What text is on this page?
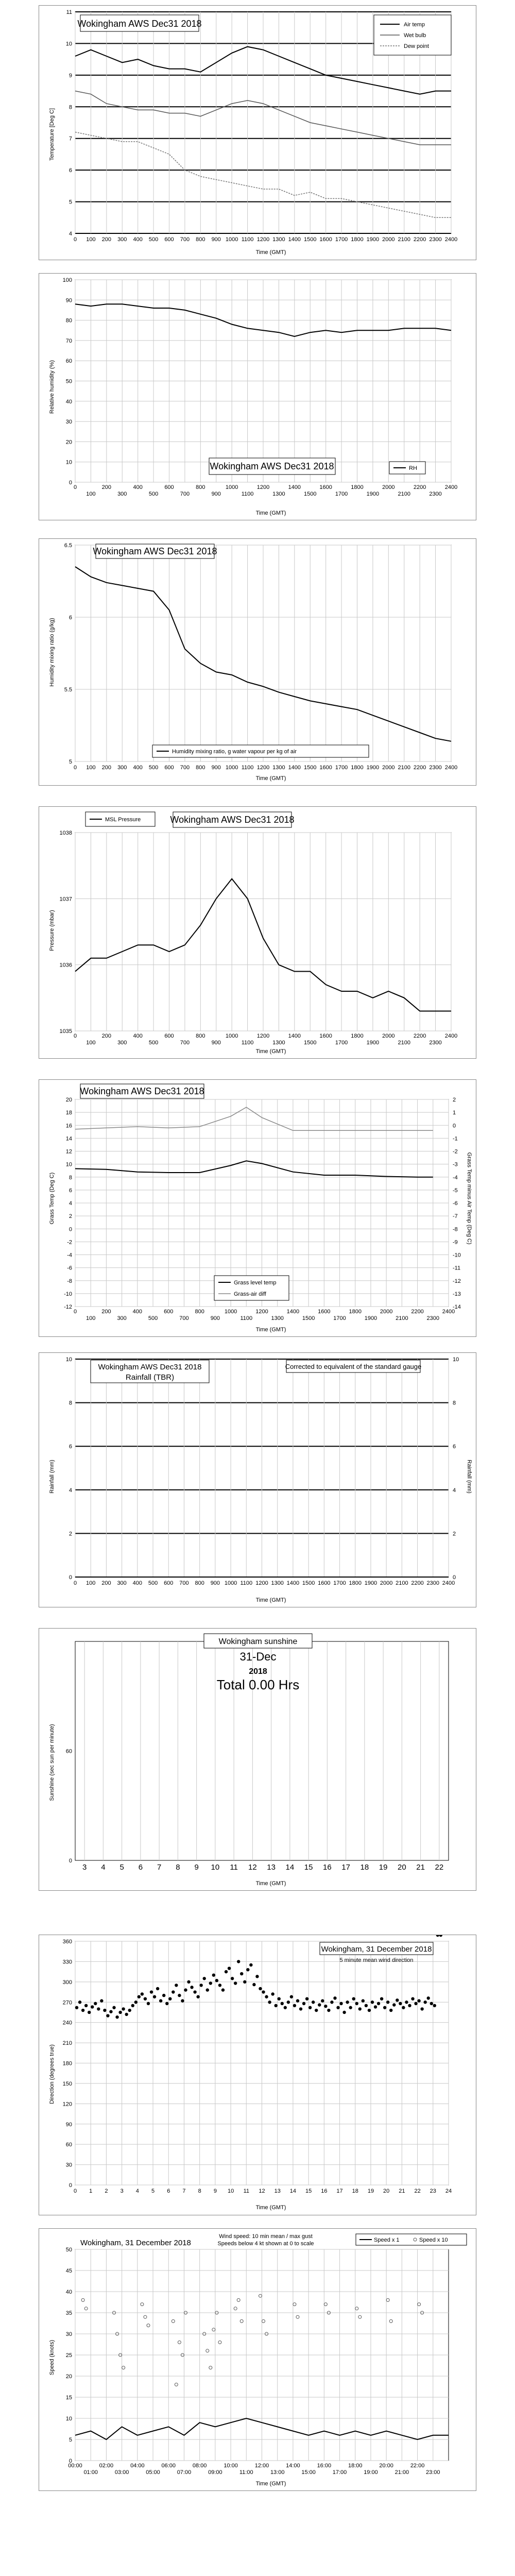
4
5
6
7
8
9
10
11
0 100 200 300 400 500 600 700 800 900 1000 1100 1200 1300 1400 1500 1600 1700 1800 1900 2000 2100 2200 2300 2400
Wokingham AWS Dec31 2018
Time (GMT)
Temperature [Deg C]
Air temp
Wet bulb
Dew point
0
10
20
30
40
50
60
70
80
90
100
0	200	400	600	800	1000	1200	1400	1600	1800	2000	2200	2400
100	300	500	700	900	1100	1300	1500	1700	1900	2100	2300
Wokingham AWS Dec31 2018	RH
Time (GMT)
Relative humidity (%)
5
5.5
6
6.5
0 100 200 300 400 500 600 700 800 900 1000 1100 1200 1300 1400 1500 1600 1700 1800 1900 2000 2100 2200 2300 2400
Wokingham AWS Dec31 2018
Humidity mixing ratio, g water vapour per kg of air
Time (GMT)
Humidity mixing ratio (g/kg)
1035
1036
1037
1038
0	200	400	600	800	1000	1200	1400	1600	1800	2000	2200	2400
100	300	500	700	900	1100	1300	1500	1700	1900	2100	2300
MSL Pressure	Wokingham AWS Dec31 2018
Time (GMT)
Pressure (mbar)
-12
-10
-8
-6
-4
-2
0
2
4
6
8
10
12
14
16
18
20
0	200	400	600	800	1000	1200	1400	1600	1800	2000	2200	2400
100	300	500	700	900	1100	1300	1500	1700	1900	2100	2300
-14
-13
-12
-11
-10
-9
-8
-7
-6
-5
-4
-3
-2
-1
0
1
2
Wokingham AWS Dec31 2018
Grass level temp
Grass-air diff
Time (GMT)
Grass Temp (Deg C)	Grass Temp minus Air Temp (Deg C)
0
2
4
6
8
10
0 100 200 300 400 500 600 700 800 900 1000 1100 1200 1300 1400 1500 1600 1700 1800 1900 2000 2100 2200 2300 2400
0
2
4
6
8
10
Wokingham AWS Dec31 2018
Rainfall (TBR)
Corrected to equivalent of the standard gauge
Time (GMT)
Rainfall (mm)	Rainfall (mm)
0
60
3 4 5 6 7 8 9 10 11 12 13 14 15 16 17 18 19 20 21 22
Wokingham sunshine
31-Dec
2018
Total 0.00 Hrs
Time (GMT)
Sunshine (sec sun per minute)
0
30
60
90
120
150
180
210
240
270
300
330
360
0 1 2 3 4 5 6 7 8 9 10 11 12 13 14 15 16 17 18 19 20 21 22 23 24
Wokingham, 31 December 2018
5 minute mean wind direction
Time (GMT)
Direction (degrees true)
0
5
10
15
20
25
30
35
40
45
50
00:00	02:00	04:00	06:00	08:00	10:00	12:00	14:00	16:00	18:00	20:00	22:00
01:00	03:00	05:00	07:00	09:00	11:00	13:00	15:00	17:00	19:00	21:00	23:00
Wokingham, 31 December 2018
Wind speed: 10 min mean / max gust
Speeds below 4 kt shown at 0 to scale
Speed x 1	Speed x 10
Time (GMT)
Speed (knots)
